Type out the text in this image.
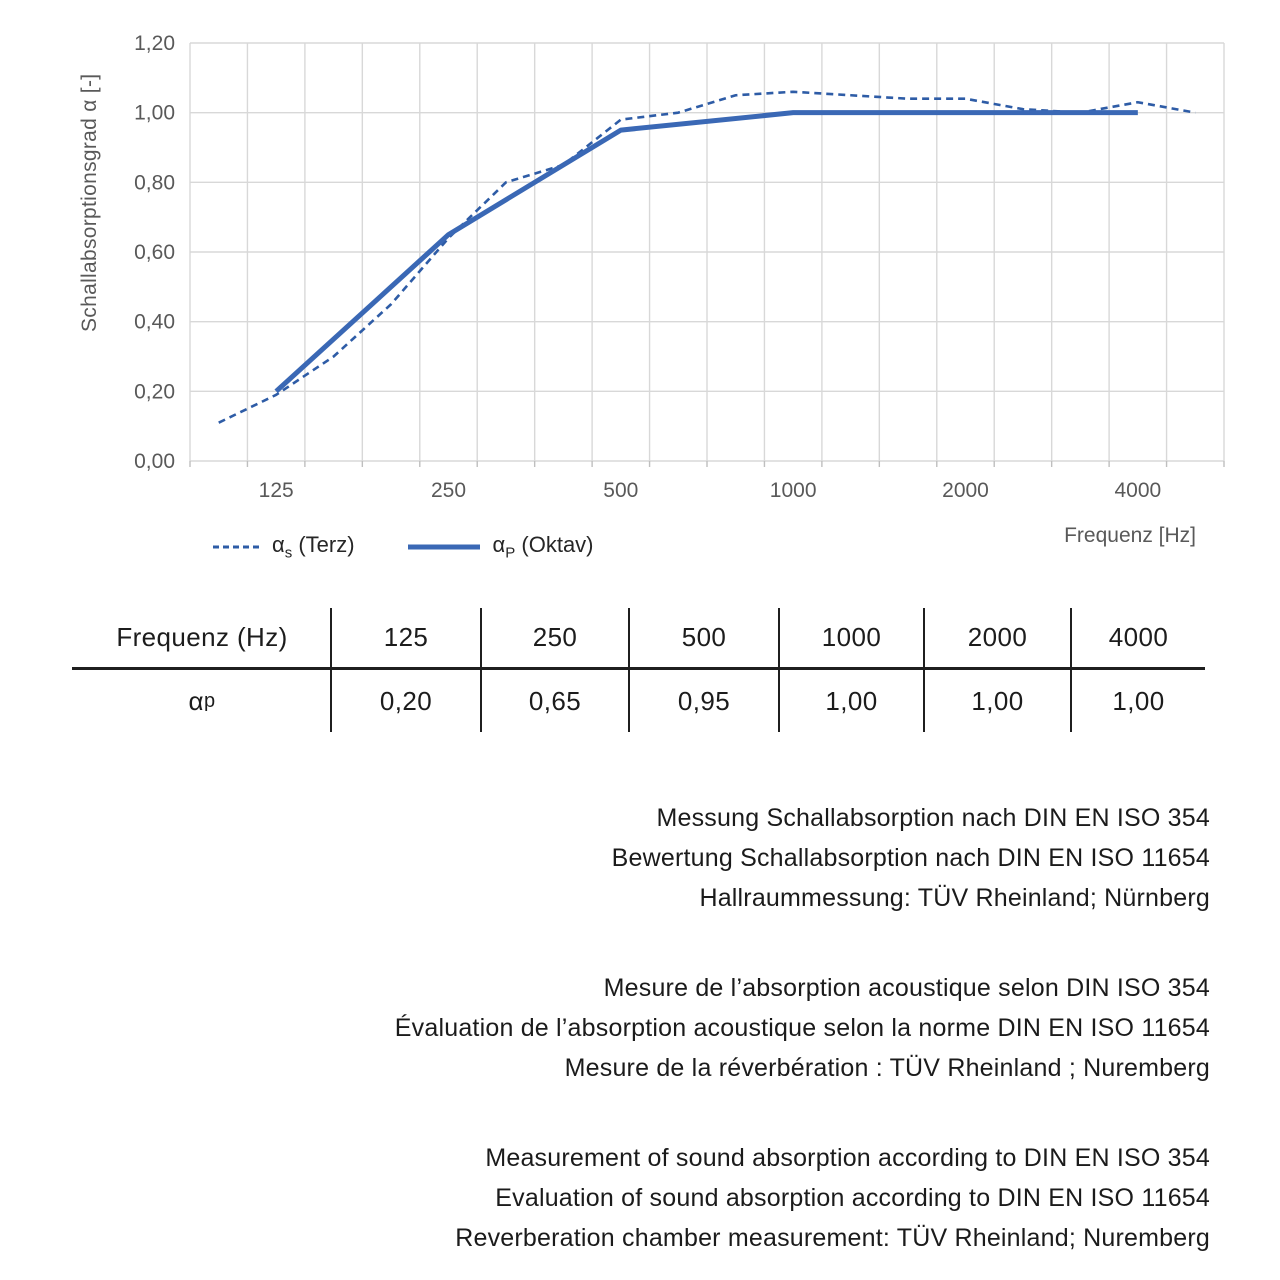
1,20
1,00
0,80
0,60
0,40
0,20
0,00
125	250	500	1000	2000	4000
Schallabsorptionsgrad α [-]
Frequenz [Hz]
$\alpha_s$ (Terz)	$\alpha_P$ (Oktav)
Frequenz (Hz)	125	250	500	1000	2000	4000
α p	0,20	0,65	0,95	1,00	1,00	1,00
Messung Schallabsorption nach DIN EN ISO 354
Bewertung Schallabsorption nach DIN EN ISO 11654
Hallraummessung: TÜV Rheinland; Nürnberg
Mesure de l’absorption acoustique selon DIN ISO 354
Évaluation de l’absorption acoustique selon la norme DIN EN ISO 11654
Mesure de la réverbération : TÜV Rheinland ; Nuremberg
Measurement of sound absorption according to DIN EN ISO 354
Evaluation of sound absorption according to DIN EN ISO 11654
Reverberation chamber measurement: TÜV Rheinland; Nuremberg
